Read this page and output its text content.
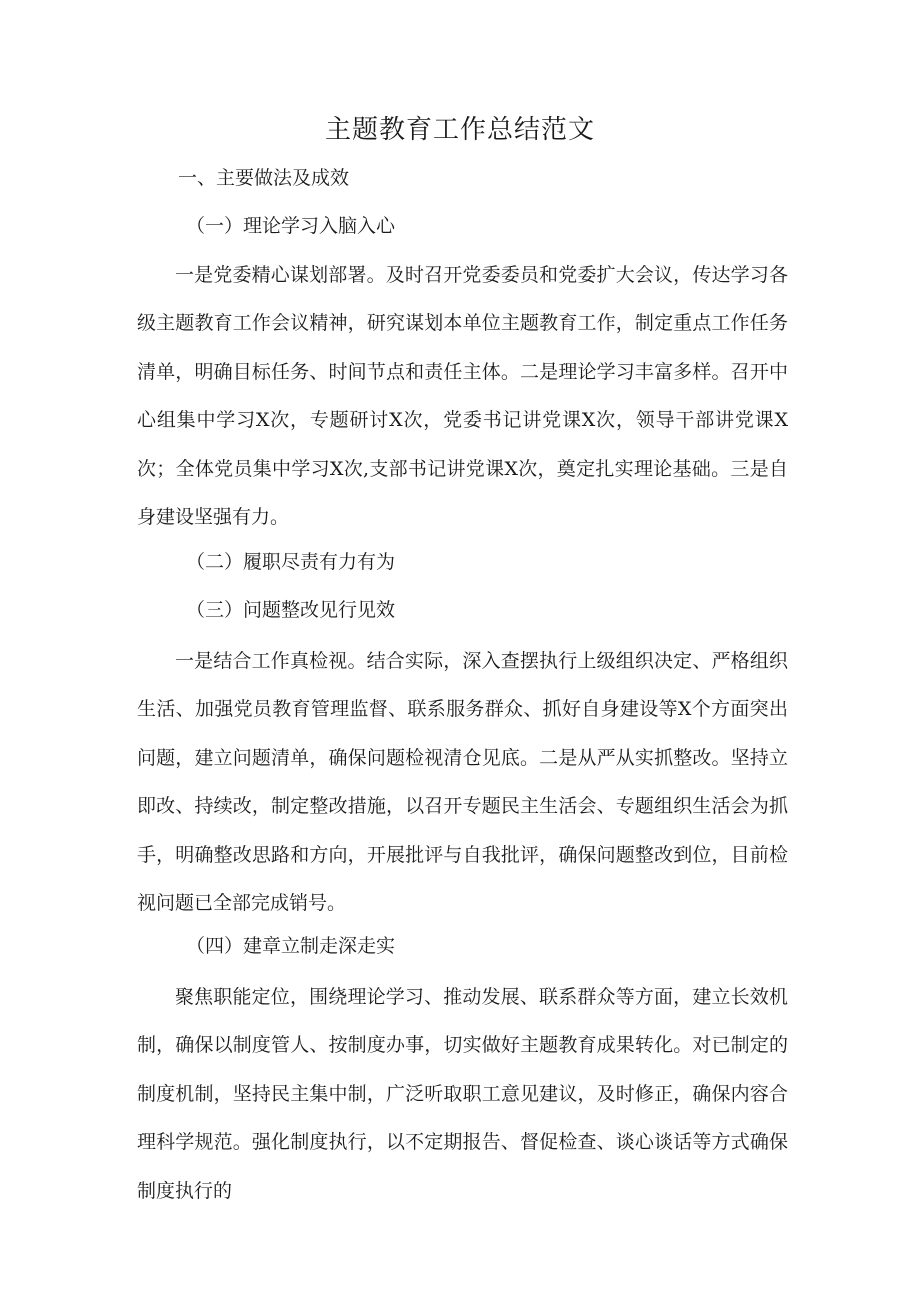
主题教育工作总结范文
一、主要做法及成效
（一）理论学习入脑入心

一是党委精心谋划部署。及时召开党委委员和党委扩大会议，传达学习各级主题教育工作会议精神，研究谋划本单位主题教育工作，制定重点工作任务清单，明确目标任务、时间节点和责任主体。二是理论学习丰富多样。召开中心组集中学习X次，专题研讨X次，党委书记讲党课X次，领导干部讲党课X次；全体党员集中学习X次,支部书记讲党课X次，奠定扎实理论基础。三是自身建设坚强有力。

（二）履职尽责有力有为
（三）问题整改见行见效

一是结合工作真检视。结合实际，深入查摆执行上级组织决定、严格组织生活、加强党员教育管理监督、联系服务群众、抓好自身建设等X个方面突出问题，建立问题清单，确保问题检视清仓见底。二是从严从实抓整改。坚持立即改、持续改，制定整改措施，以召开专题民主生活会、专题组织生活会为抓手，明确整改思路和方向，开展批评与自我批评，确保问题整改到位，目前检视问题已全部完成销号。

（四）建章立制走深走实

聚焦职能定位，围绕理论学习、推动发展、联系群众等方面，建立长效机制，确保以制度管人、按制度办事，切实做好主题教育成果转化。对已制定的制度机制，坚持民主集中制，广泛听取职工意见建议，及时修正，确保内容合理科学规范。强化制度执行，以不定期报告、督促检查、谈心谈话等方式确保制度执行的
